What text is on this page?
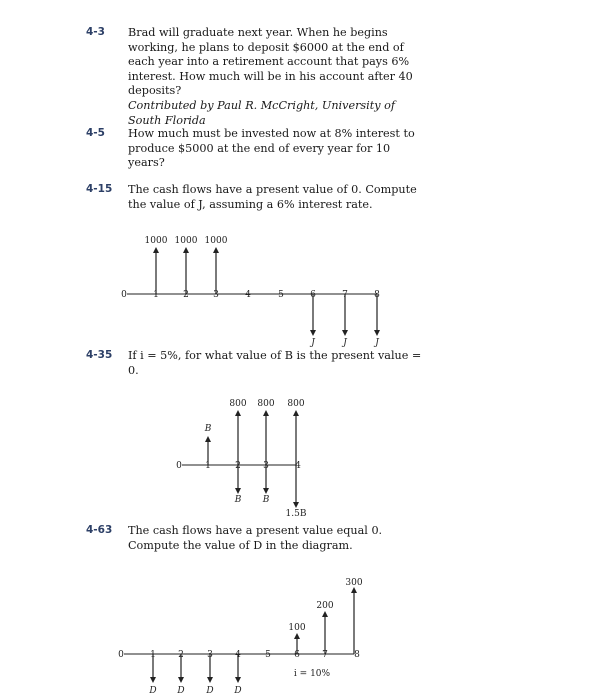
4-3 Brad will graduate next year. When he begins working, he plans to deposit $6000 at the end of each year into a retirement account that pays 6% interest. How much will be in his account after 40 deposits?

Contributed by Paul R. McCright, University of South Florida

4-5 How much must be invested now at 8% interest to produce $5000 at the end of every year for 10 years?

4-15 The cash flows have a present value of 0. Compute the value of J, assuming a 6% interest rate.

4-35 If i = 5%, for what value of B is the present value = 0.

4-63 The cash flows have a present value equal 0. Compute the value of D in the diagram.

0	1	2	3	4	5	6	7	8
1000 1000 1000
J	J	J
0	1	2 3	4
B
800 800 800
B B
1.5B
0	1 2	3 4	5	6 7	8
100
200
300
D D D D
i = 10%
